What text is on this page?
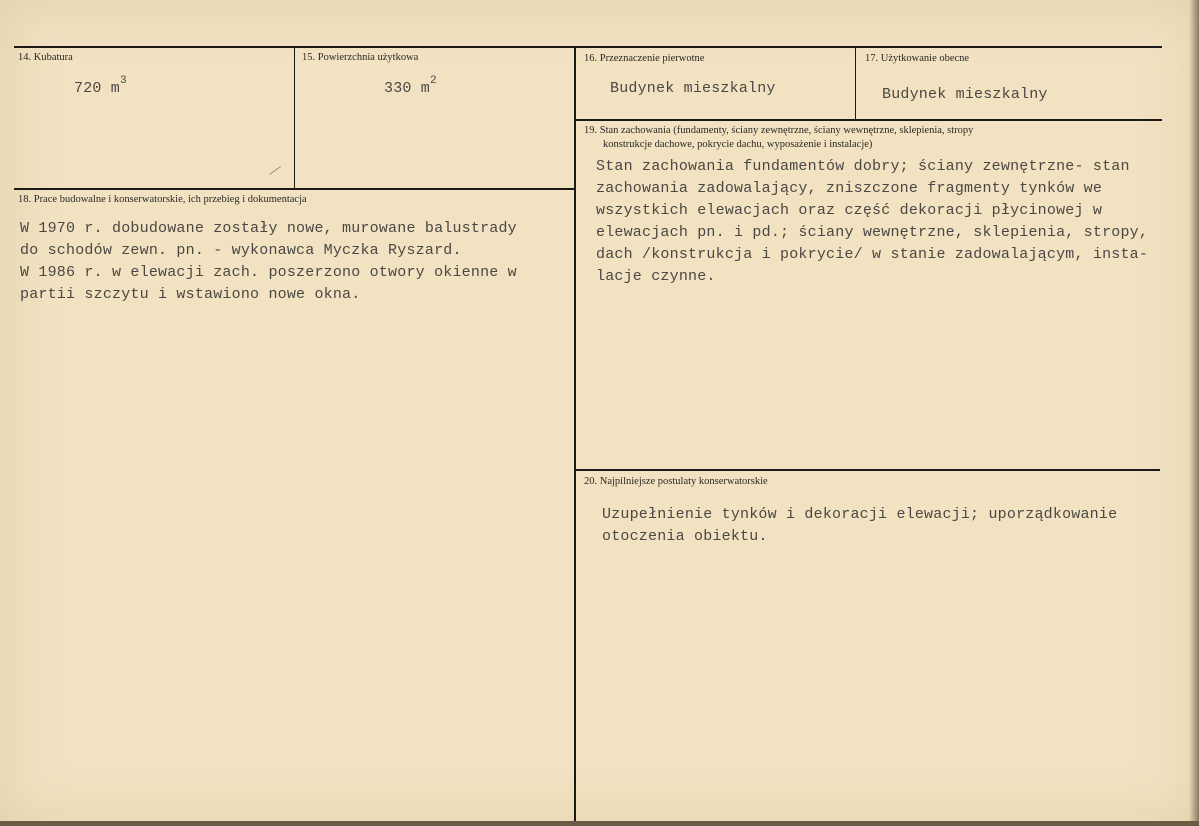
14. Kubatura
720 $m^3$
15. Powierzchnia użytkowa
330 $m^2$
16. Przeznaczenie pierwotne
Budynek mieszkalny
17. Użytkowanie obecne
Budynek mieszkalny
18. Prace budowalne i konserwatorskie, ich przebieg i dokumentacja
W 1970 r. dobudowane zostały nowe, murowane balustrady
do schodów zewn. pn. - wykonawca Myczka Ryszard.
W 1986 r. w elewacji zach. poszerzono otwory okienne w
partii szczytu i wstawiono nowe okna.
19. Stan zachowania (fundamenty, ściany zewnętrzne, ściany wewnętrzne, sklepienia, stropy
konstrukcje dachowe, pokrycie dachu, wyposażenie i instalacje)
Stan zachowania fundamentów dobry; ściany zewnętrzne- stan
zachowania zadowalający, zniszczone fragmenty tynków we
wszystkich elewacjach oraz część dekoracji płycinowej w
elewacjach pn. i pd.; ściany wewnętrzne, sklepienia, stropy,
dach /konstrukcja i pokrycie/ w stanie zadowalającym, insta-
lacje czynne.
20. Najpilniejsze postulaty konserwatorskie
Uzupełnienie tynków i dekoracji elewacji; uporządkowanie
otoczenia obiektu.
